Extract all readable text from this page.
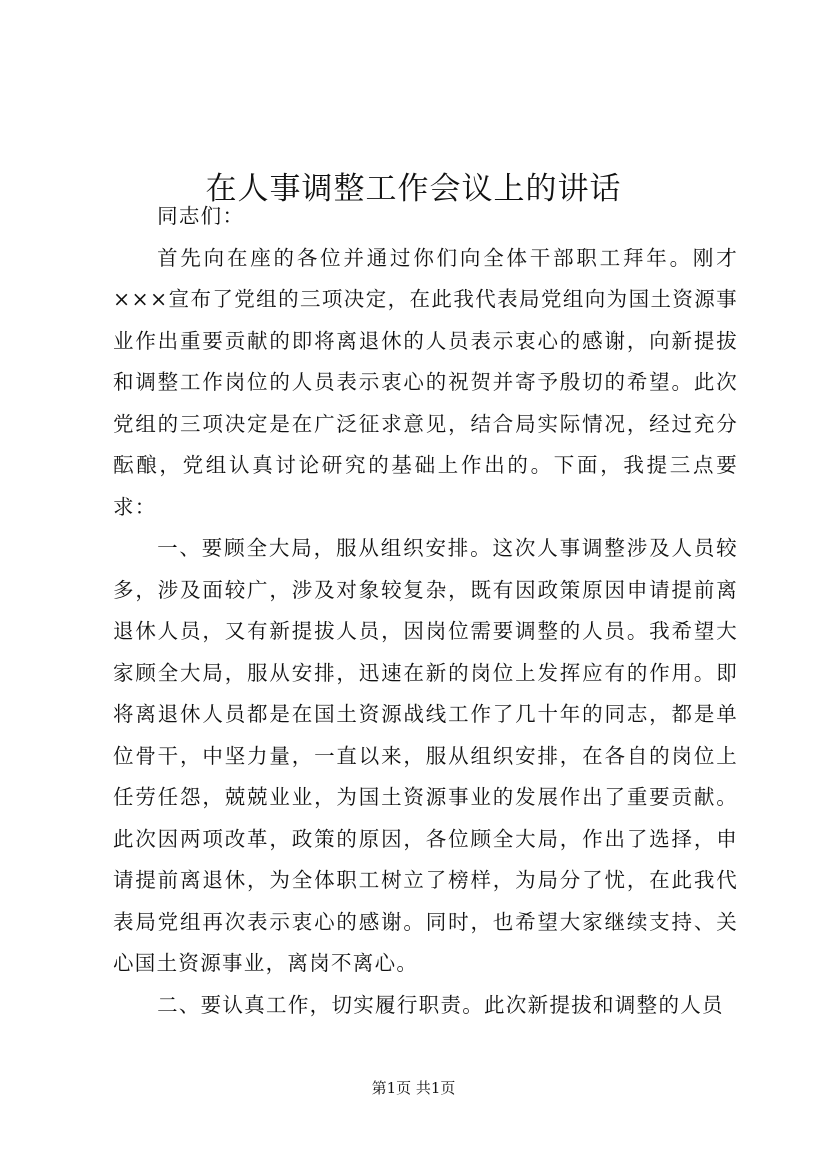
在人事调整工作会议上的讲话

同志们：

首先向在座的各位并通过你们向全体干部职工拜年。刚才×××宣布了党组的三项决定，在此我代表局党组向为国土资源事业作出重要贡献的即将离退休的人员表示衷心的感谢，向新提拔和调整工作岗位的人员表示衷心的祝贺并寄予殷切的希望。此次党组的三项决定是在广泛征求意见，结合局实际情况，经过充分酝酿，党组认真讨论研究的基础上作出的。下面，我提三点要求：

一、要顾全大局，服从组织安排。这次人事调整涉及人员较多，涉及面较广，涉及对象较复杂，既有因政策原因申请提前离退休人员，又有新提拔人员，因岗位需要调整的人员。我希望大家顾全大局，服从安排，迅速在新的岗位上发挥应有的作用。即将离退休人员都是在国土资源战线工作了几十年的同志，都是单位骨干，中坚力量，一直以来，服从组织安排，在各自的岗位上任劳任怨，兢兢业业，为国土资源事业的发展作出了重要贡献。此次因两项改革，政策的原因，各位顾全大局，作出了选择，申请提前离退休，为全体职工树立了榜样，为局分了忧，在此我代表局党组再次表示衷心的感谢。同时，也希望大家继续支持、关心国土资源事业，离岗不离心。

二、要认真工作，切实履行职责。此次新提拔和调整的人员

第1页 共1页
